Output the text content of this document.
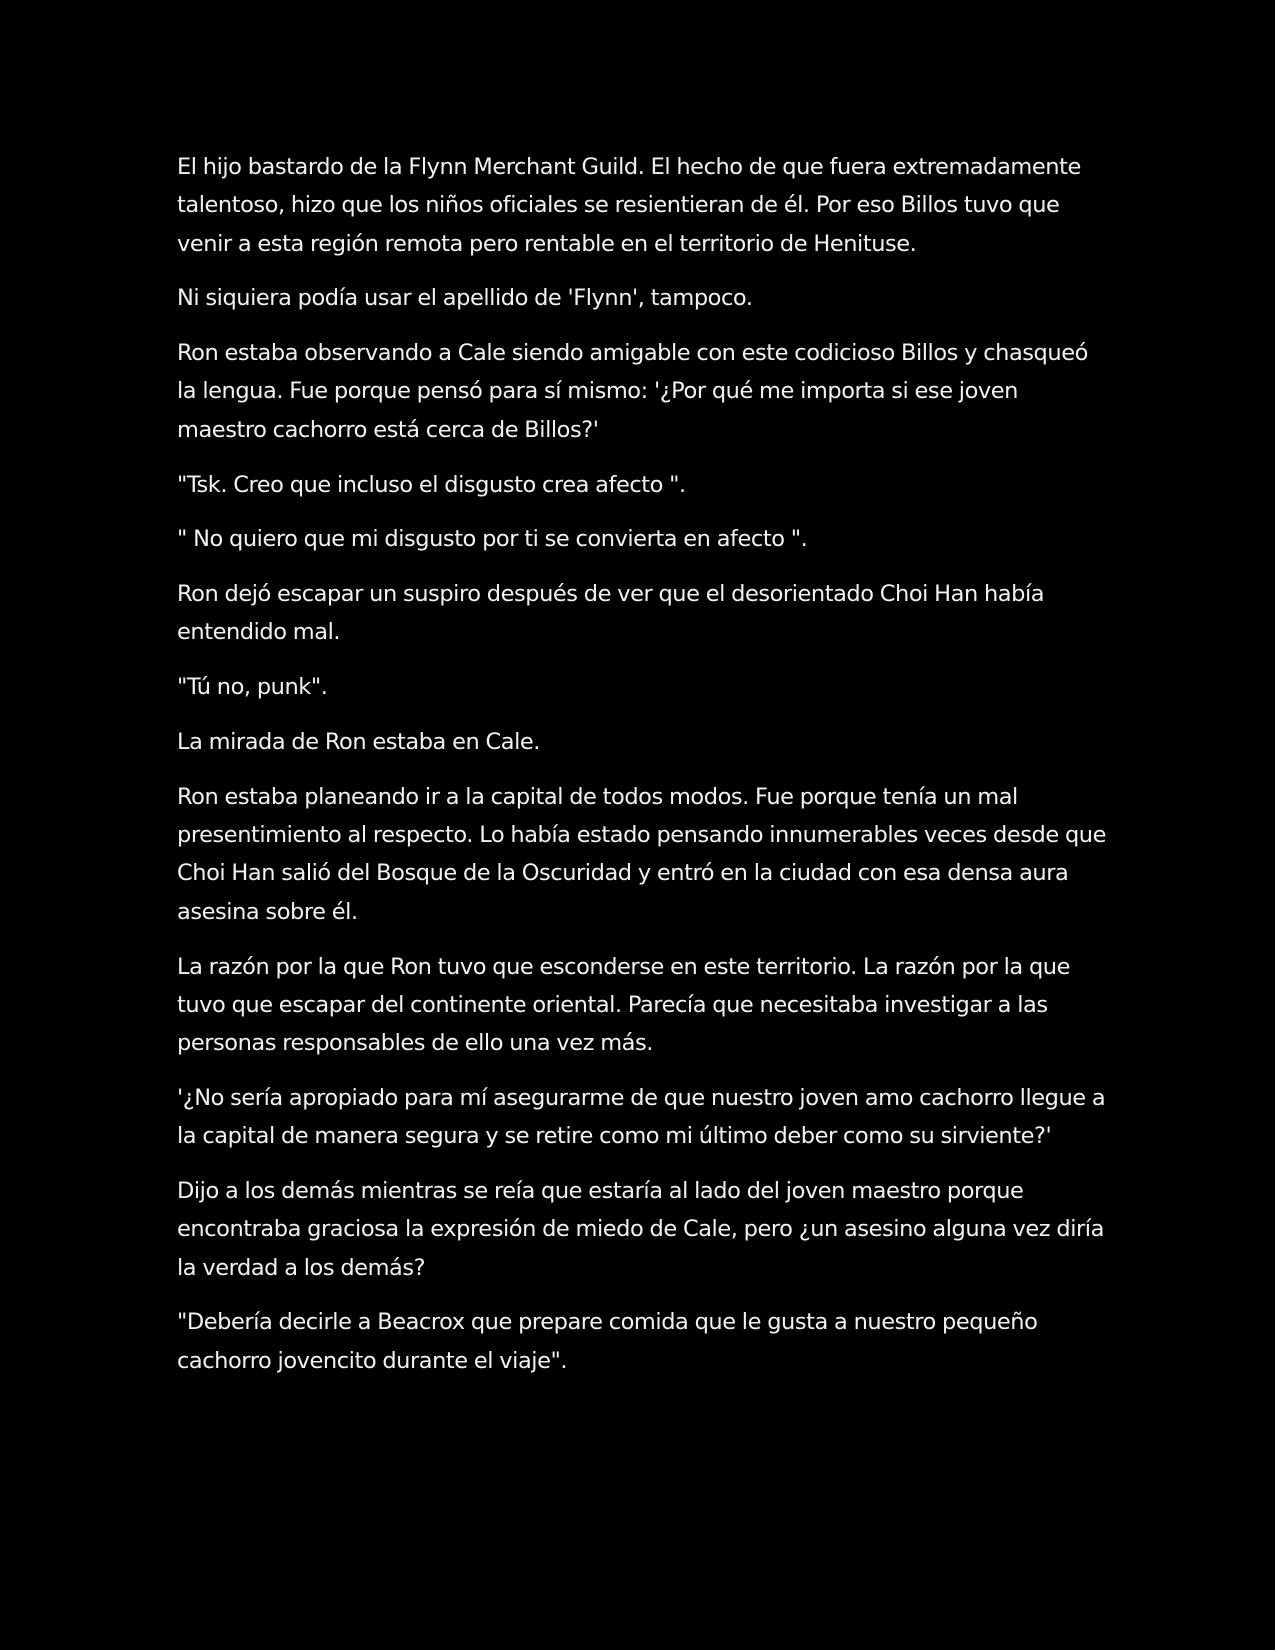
El hijo bastardo de la Flynn Merchant Guild. El hecho de que fuera extremadamente talentoso, hizo que los niños oficiales se resientieran de él. Por eso Billos tuvo que venir a esta región remota pero rentable en el territorio de Henituse.

Ni siquiera podía usar el apellido de 'Flynn', tampoco.

Ron estaba observando a Cale siendo amigable con este codicioso Billos y chasqueó la lengua. Fue porque pensó para sí mismo: '¿Por qué me importa si ese joven maestro cachorro está cerca de Billos?'

"Tsk. Creo que incluso el disgusto crea afecto ".

" No quiero que mi disgusto por ti se convierta en afecto ".

Ron dejó escapar un suspiro después de ver que el desorientado Choi Han había entendido mal.

"Tú no, punk".

La mirada de Ron estaba en Cale.

Ron estaba planeando ir a la capital de todos modos. Fue porque tenía un mal presentimiento al respecto. Lo había estado pensando innumerables veces desde que Choi Han salió del Bosque de la Oscuridad y entró en la ciudad con esa densa aura asesina sobre él.

La razón por la que Ron tuvo que esconderse en este territorio. La razón por la que tuvo que escapar del continente oriental. Parecía que necesitaba investigar a las personas responsables de ello una vez más.

'¿No sería apropiado para mí asegurarme de que nuestro joven amo cachorro llegue a la capital de manera segura y se retire como mi último deber como su sirviente?'

Dijo a los demás mientras se reía que estaría al lado del joven maestro porque encontraba graciosa la expresión de miedo de Cale, pero ¿un asesino alguna vez diría la verdad a los demás?

"Debería decirle a Beacrox que prepare comida que le gusta a nuestro pequeño cachorro jovencito durante el viaje".
